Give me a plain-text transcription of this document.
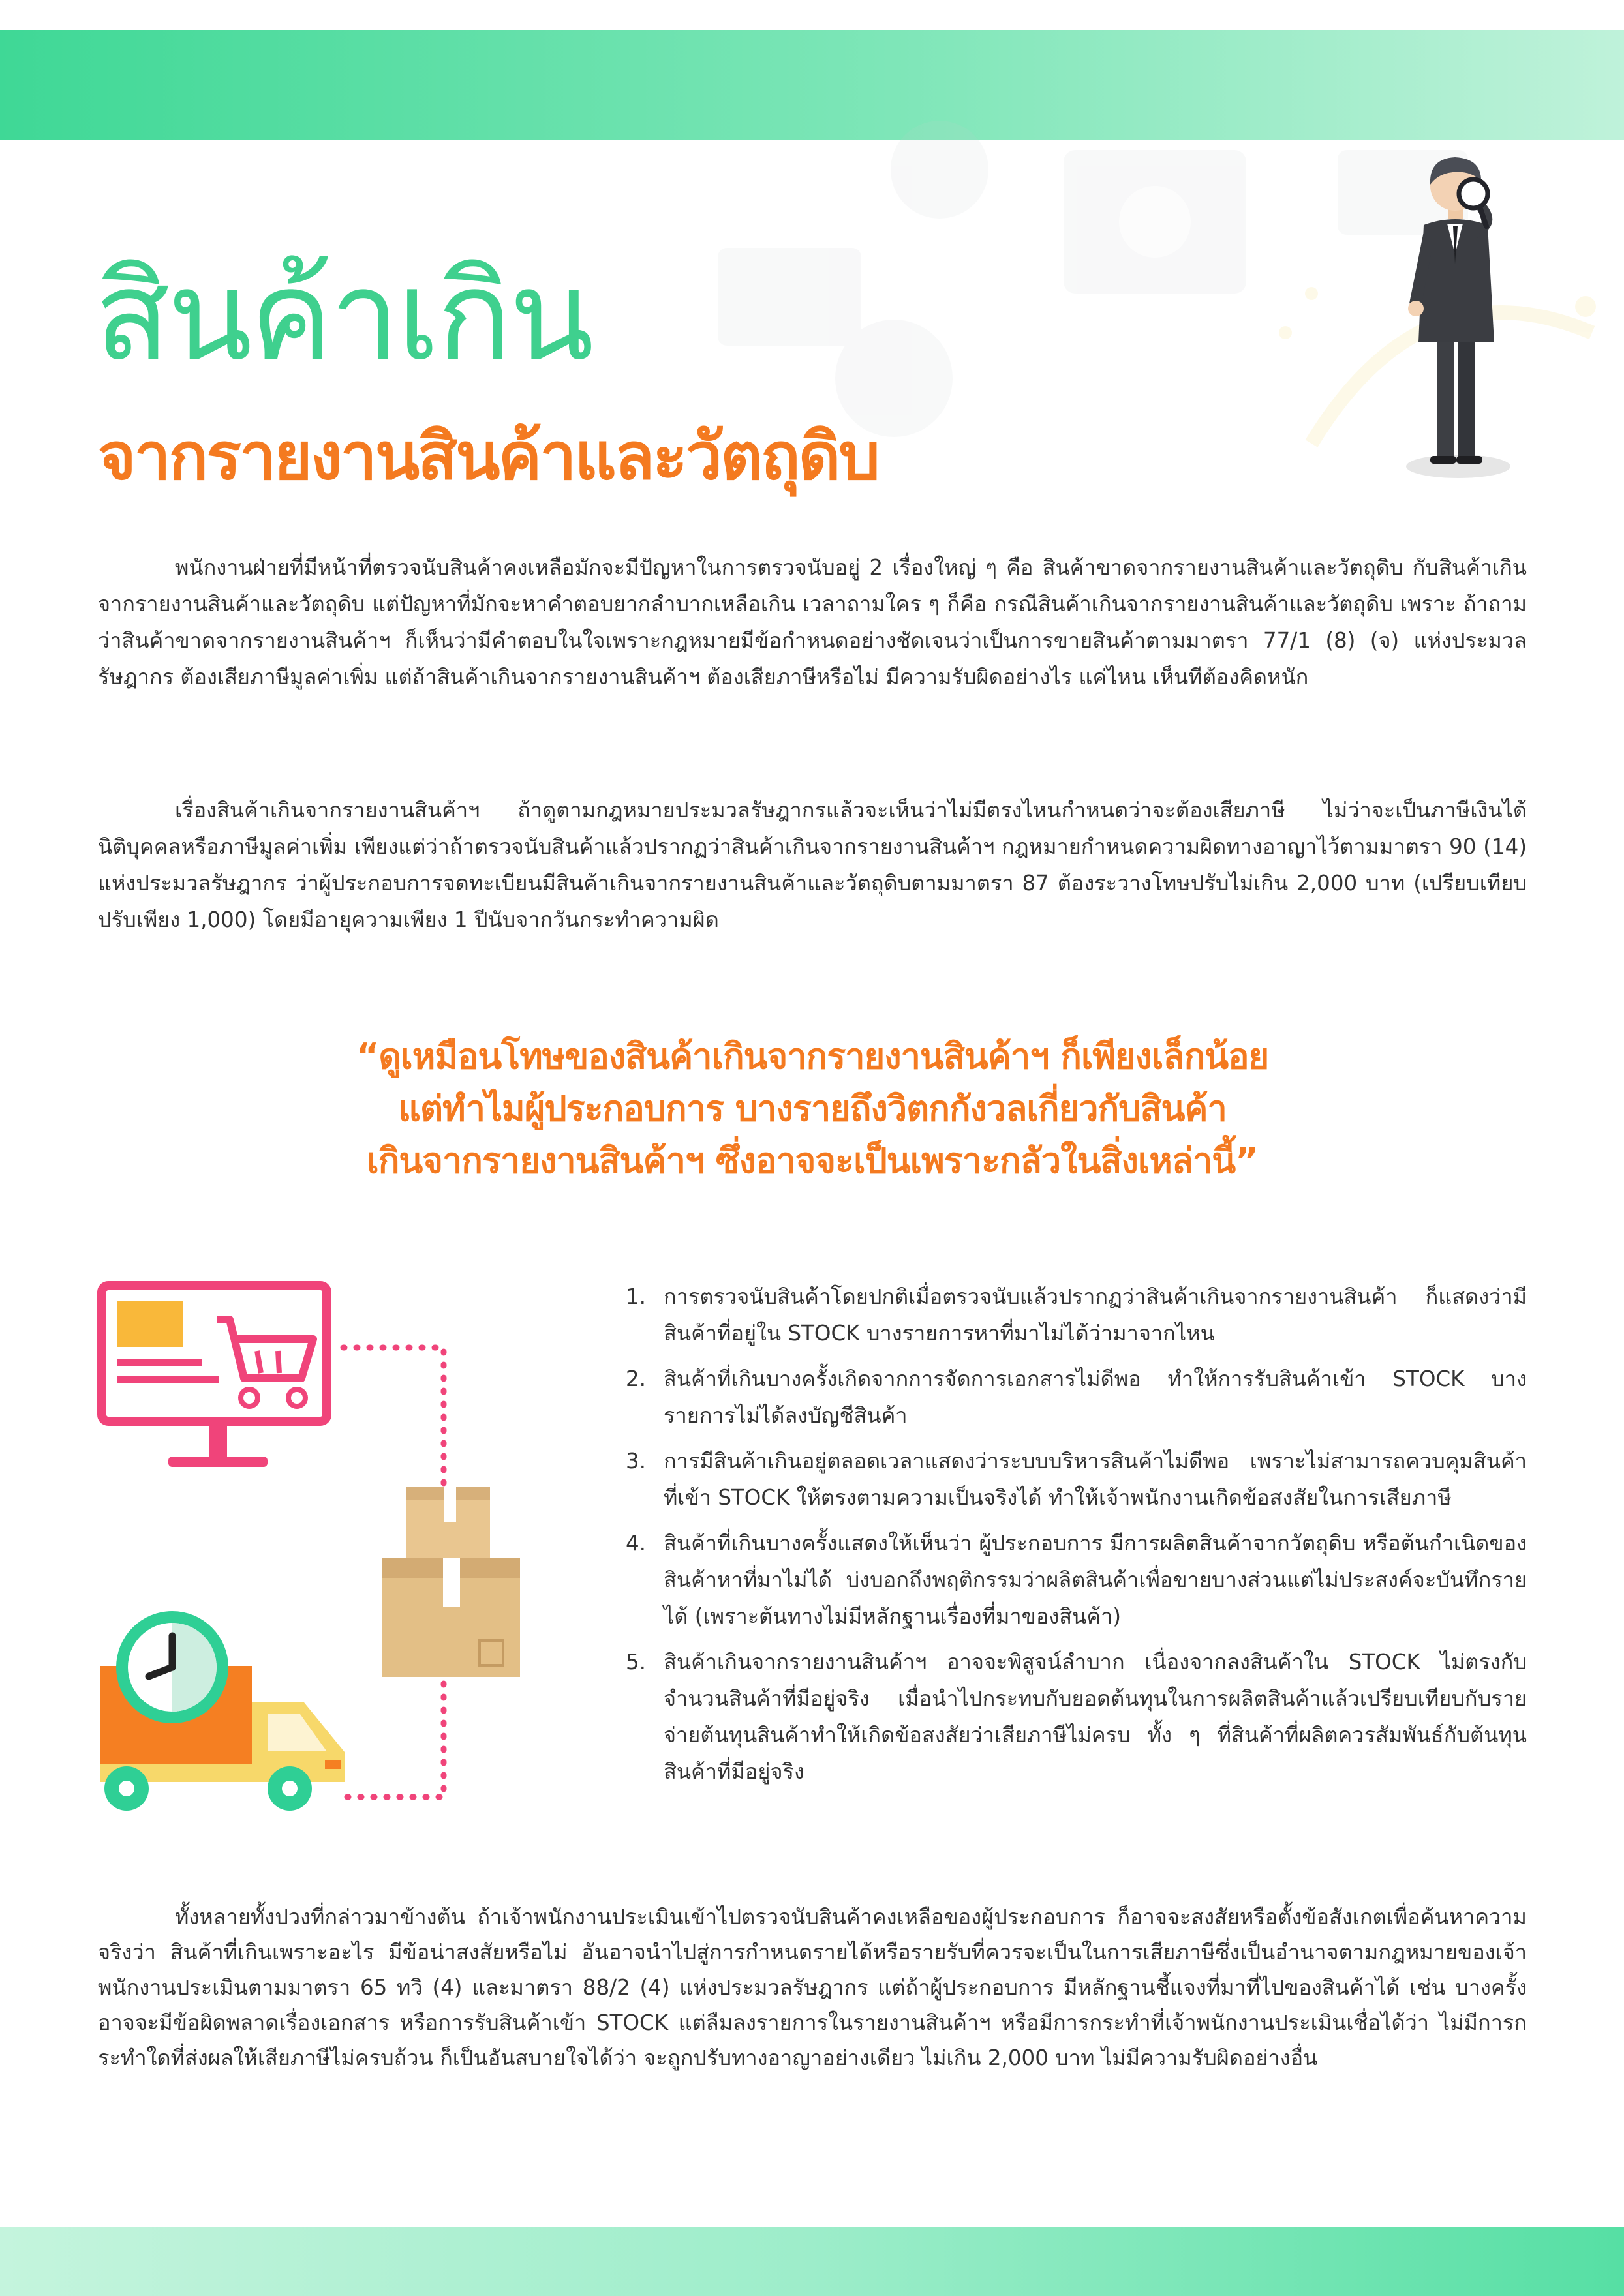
สินค้าเกิน
จากรายงานสินค้าและวัตถุดิบ

พนักงานฝ่ายที่มีหน้าที่ตรวจนับสินค้าคงเหลือมักจะมีปัญหาในการตรวจนับอยู่ 2 เรื่องใหญ่ ๆ คือ สินค้าขาดจากรายงานสินค้าและวัตถุดิบ กับสินค้าเกินจากรายงานสินค้าและวัตถุดิบ แต่ปัญหาที่มักจะหาคำตอบยากลำบากเหลือเกิน เวลาถามใคร ๆ ก็คือ กรณีสินค้าเกินจากรายงานสินค้าและวัตถุดิบ เพราะ ถ้าถามว่าสินค้าขาดจากรายงานสินค้าฯ ก็เห็นว่ามีคำตอบในใจเพราะกฎหมายมีข้อกำหนดอย่างชัดเจนว่าเป็นการขายสินค้าตามมาตรา 77/1 (8) (จ) แห่งประมวลรัษฎากร ต้องเสียภาษีมูลค่าเพิ่ม แต่ถ้าสินค้าเกินจากรายงานสินค้าฯ ต้องเสียภาษีหรือไม่ มีความรับผิดอย่างไร แค่ไหน เห็นทีต้องคิดหนัก

เรื่องสินค้าเกินจากรายงานสินค้าฯ ถ้าดูตามกฎหมายประมวลรัษฎากรแล้วจะเห็นว่าไม่มีตรงไหนกำหนดว่าจะต้องเสียภาษี ไม่ว่าจะเป็นภาษีเงินได้นิติบุคคลหรือภาษีมูลค่าเพิ่ม เพียงแต่ว่าถ้าตรวจนับสินค้าแล้วปรากฏว่าสินค้าเกินจากรายงานสินค้าฯ กฎหมายกำหนดความผิดทางอาญาไว้ตามมาตรา 90 (14) แห่งประมวลรัษฎากร ว่าผู้ประกอบการจดทะเบียนมีสินค้าเกินจากรายงานสินค้าและวัตถุดิบตามมาตรา 87 ต้องระวางโทษปรับไม่เกิน 2,000 บาท (เปรียบเทียบปรับเพียง 1,000) โดยมีอายุความเพียง 1 ปีนับจากวันกระทำความผิด

“ดูเหมือนโทษของสินค้าเกินจากรายงานสินค้าฯ ก็เพียงเล็กน้อย
แต่ทำไมผู้ประกอบการ บางรายถึงวิตกกังวลเกี่ยวกับสินค้า
เกินจากรายงานสินค้าฯ ซึ่งอาจจะเป็นเพราะกลัวในสิ่งเหล่านี้”
1. การตรวจนับสินค้าโดยปกติเมื่อตรวจนับแล้วปรากฏว่าสินค้าเกินจากรายงานสินค้า ก็แสดงว่ามีสินค้าที่อยู่ใน STOCK บางรายการหาที่มาไม่ได้ว่ามาจากไหน
2. สินค้าที่เกินบางครั้งเกิดจากการจัดการเอกสารไม่ดีพอ ทำให้การรับสินค้าเข้า STOCK บางรายการไม่ได้ลงบัญชีสินค้า
3. การมีสินค้าเกินอยู่ตลอดเวลาแสดงว่าระบบบริหารสินค้าไม่ดีพอ เพราะไม่สามารถควบคุมสินค้าที่เข้า STOCK ให้ตรงตามความเป็นจริงได้ ทำให้เจ้าพนักงานเกิดข้อสงสัยในการเสียภาษี
4. สินค้าที่เกินบางครั้งแสดงให้เห็นว่า ผู้ประกอบการ มีการผลิตสินค้าจากวัตถุดิบ หรือต้นกำเนิดของสินค้าหาที่มาไม่ได้ บ่งบอกถึงพฤติกรรมว่าผลิตสินค้าเพื่อขายบางส่วนแต่ไม่ประสงค์จะบันทึกรายได้ (เพราะต้นทางไม่มีหลักฐานเรื่องที่มาของสินค้า)
5. สินค้าเกินจากรายงานสินค้าฯ อาจจะพิสูจน์ลำบาก เนื่องจากลงสินค้าใน STOCK ไม่ตรงกับจำนวนสินค้าที่มีอยู่จริง เมื่อนำไปกระทบกับยอดต้นทุนในการผลิตสินค้าแล้วเปรียบเทียบกับรายจ่ายต้นทุนสินค้าทำให้เกิดข้อสงสัยว่าเสียภาษีไม่ครบ ทั้ง ๆ ที่สินค้าที่ผลิตควรสัมพันธ์กับต้นทุนสินค้าที่มีอยู่จริง

ทั้งหลายทั้งปวงที่กล่าวมาข้างต้น ถ้าเจ้าพนักงานประเมินเข้าไปตรวจนับสินค้าคงเหลือของผู้ประกอบการ ก็อาจจะสงสัยหรือตั้งข้อสังเกตเพื่อค้นหาความจริงว่า สินค้าที่เกินเพราะอะไร มีข้อน่าสงสัยหรือไม่ อันอาจนำไปสู่การกำหนดรายได้หรือรายรับที่ควรจะเป็นในการเสียภาษีซึ่งเป็นอำนาจตามกฎหมายของเจ้าพนักงานประเมินตามมาตรา 65 ทวิ (4) และมาตรา 88/2 (4) แห่งประมวลรัษฎากร แต่ถ้าผู้ประกอบการ มีหลักฐานชี้แจงที่มาที่ไปของสินค้าได้ เช่น บางครั้งอาจจะมีข้อผิดพลาดเรื่องเอกสาร หรือการรับสินค้าเข้า STOCK แต่ลืมลงรายการในรายงานสินค้าฯ หรือมีการกระทำที่เจ้าพนักงานประเมินเชื่อได้ว่า ไม่มีการกระทำใดที่ส่งผลให้เสียภาษีไม่ครบถ้วน ก็เป็นอันสบายใจได้ว่า จะถูกปรับทางอาญาอย่างเดียว ไม่เกิน 2,000 บาท ไม่มีความรับผิดอย่างอื่น
